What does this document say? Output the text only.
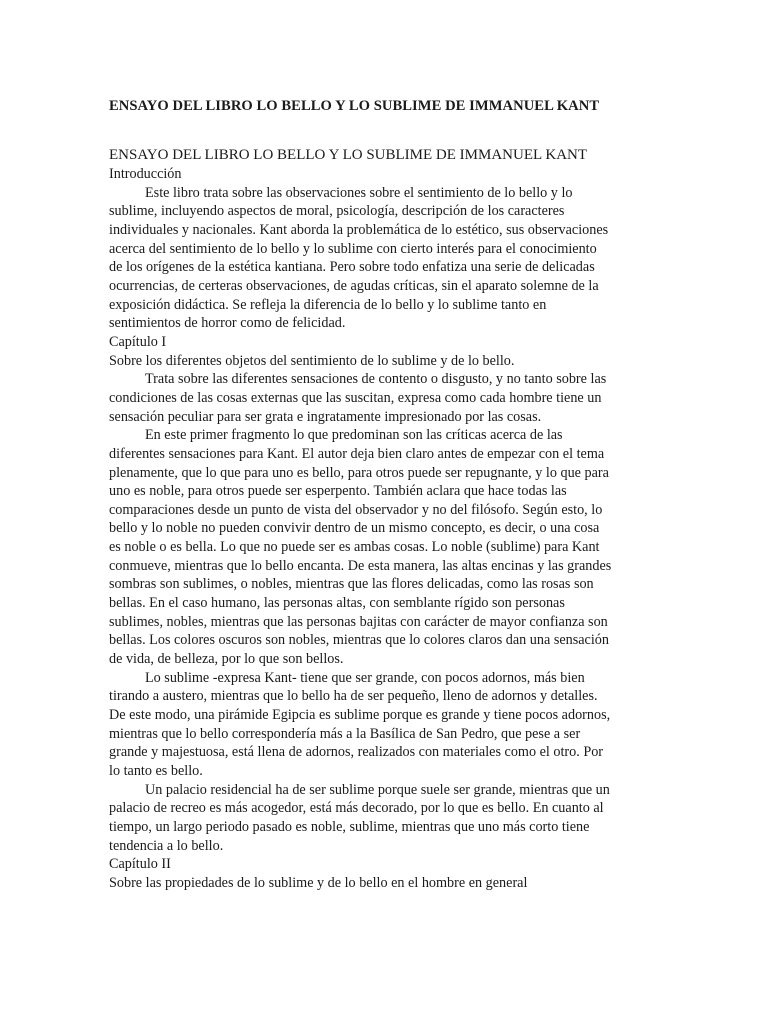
ENSAYO DEL LIBRO LO BELLO Y LO SUBLIME DE IMMANUEL KANT

ENSAYO DEL LIBRO LO BELLO Y LO SUBLIME DE IMMANUEL KANT

Introducción

Este libro trata sobre las observaciones sobre el sentimiento de lo bello y lo

sublime, incluyendo aspectos de moral, psicología, descripción de los caracteres

individuales y nacionales. Kant aborda la problemática de lo estético, sus observaciones

acerca del sentimiento de lo bello y lo sublime con cierto interés para el conocimiento

de los orígenes de la estética kantiana. Pero sobre todo enfatiza una serie de delicadas

ocurrencias, de certeras observaciones, de agudas críticas, sin el aparato solemne de la

exposición didáctica. Se refleja la diferencia de lo bello y lo sublime tanto en

sentimientos de horror como de felicidad.

Capítulo I

Sobre los diferentes objetos del sentimiento de lo sublime y de lo bello.

Trata sobre las diferentes sensaciones de contento o disgusto, y no tanto sobre las

condiciones de las cosas externas que las suscitan, expresa como cada hombre tiene un

sensación peculiar para ser grata e ingratamente impresionado por las cosas.

En este primer fragmento lo que predominan son las críticas acerca de las

diferentes sensaciones para Kant. El autor deja bien claro antes de empezar con el tema

plenamente, que lo que para uno es bello, para otros puede ser repugnante, y lo que para

uno es noble, para otros puede ser esperpento. También aclara que hace todas las

comparaciones desde un punto de vista del observador y no del filósofo. Según esto, lo

bello y lo noble no pueden convivir dentro de un mismo concepto, es decir, o una cosa

es noble o es bella. Lo que no puede ser es ambas cosas. Lo noble (sublime) para Kant

conmueve, mientras que lo bello encanta. De esta manera, las altas encinas y las grandes

sombras son sublimes, o nobles, mientras que las flores delicadas, como las rosas son

bellas. En el caso humano, las personas altas, con semblante rígido son personas

sublimes, nobles, mientras que las personas bajitas con carácter de mayor confianza son

bellas. Los colores oscuros son nobles, mientras que lo colores claros dan una sensación

de vida, de belleza, por lo que son bellos.

Lo sublime -expresa Kant- tiene que ser grande, con pocos adornos, más bien

tirando a austero, mientras que lo bello ha de ser pequeño, lleno de adornos y detalles.

De este modo, una pirámide Egipcia es sublime porque es grande y tiene pocos adornos,

mientras que lo bello correspondería más a la Basílica de San Pedro, que pese a ser

grande y majestuosa, está llena de adornos, realizados con materiales como el otro. Por

lo tanto es bello.

Un palacio residencial ha de ser sublime porque suele ser grande, mientras que un

palacio de recreo es más acogedor, está más decorado, por lo que es bello. En cuanto al

tiempo, un largo periodo pasado es noble, sublime, mientras que uno más corto tiene

tendencia a lo bello.

Capítulo II

Sobre las propiedades de lo sublime y de lo bello en el hombre en general
